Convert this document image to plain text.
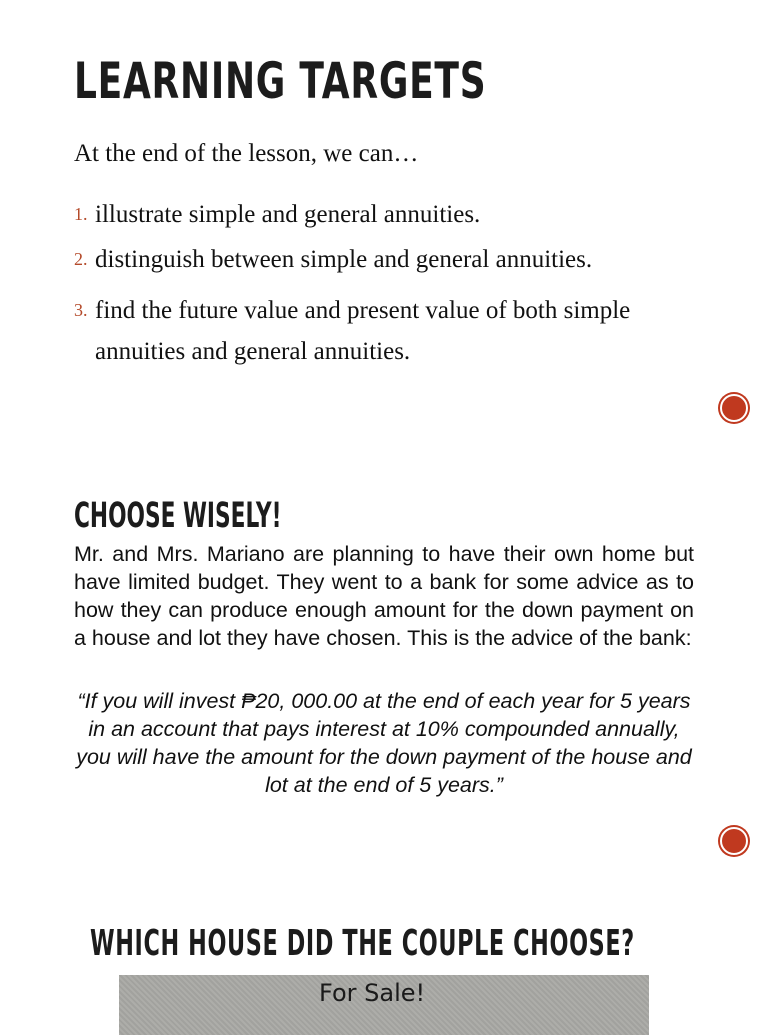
LEARNING TARGETS

At the end of the lesson, we can…

1. illustrate simple and general annuities.
2. distinguish between simple and general annuities.
3. find the future value and present value of both simple annuities and general annuities.
CHOOSE WISELY!

Mr. and Mrs. Mariano are planning to have their own home but have limited budget. They went to a bank for some advice as to how they can produce enough amount for the down payment on a house and lot they have chosen. This is the advice of the bank:

“If you will invest ₱20, 000.00 at the end of each year for 5 years in an account that pays interest at 10% compounded annually, you will have the amount for the down payment of the house and lot at the end of 5 years.”

WHICH HOUSE DID THE COUPLE CHOOSE?
For Sale!
